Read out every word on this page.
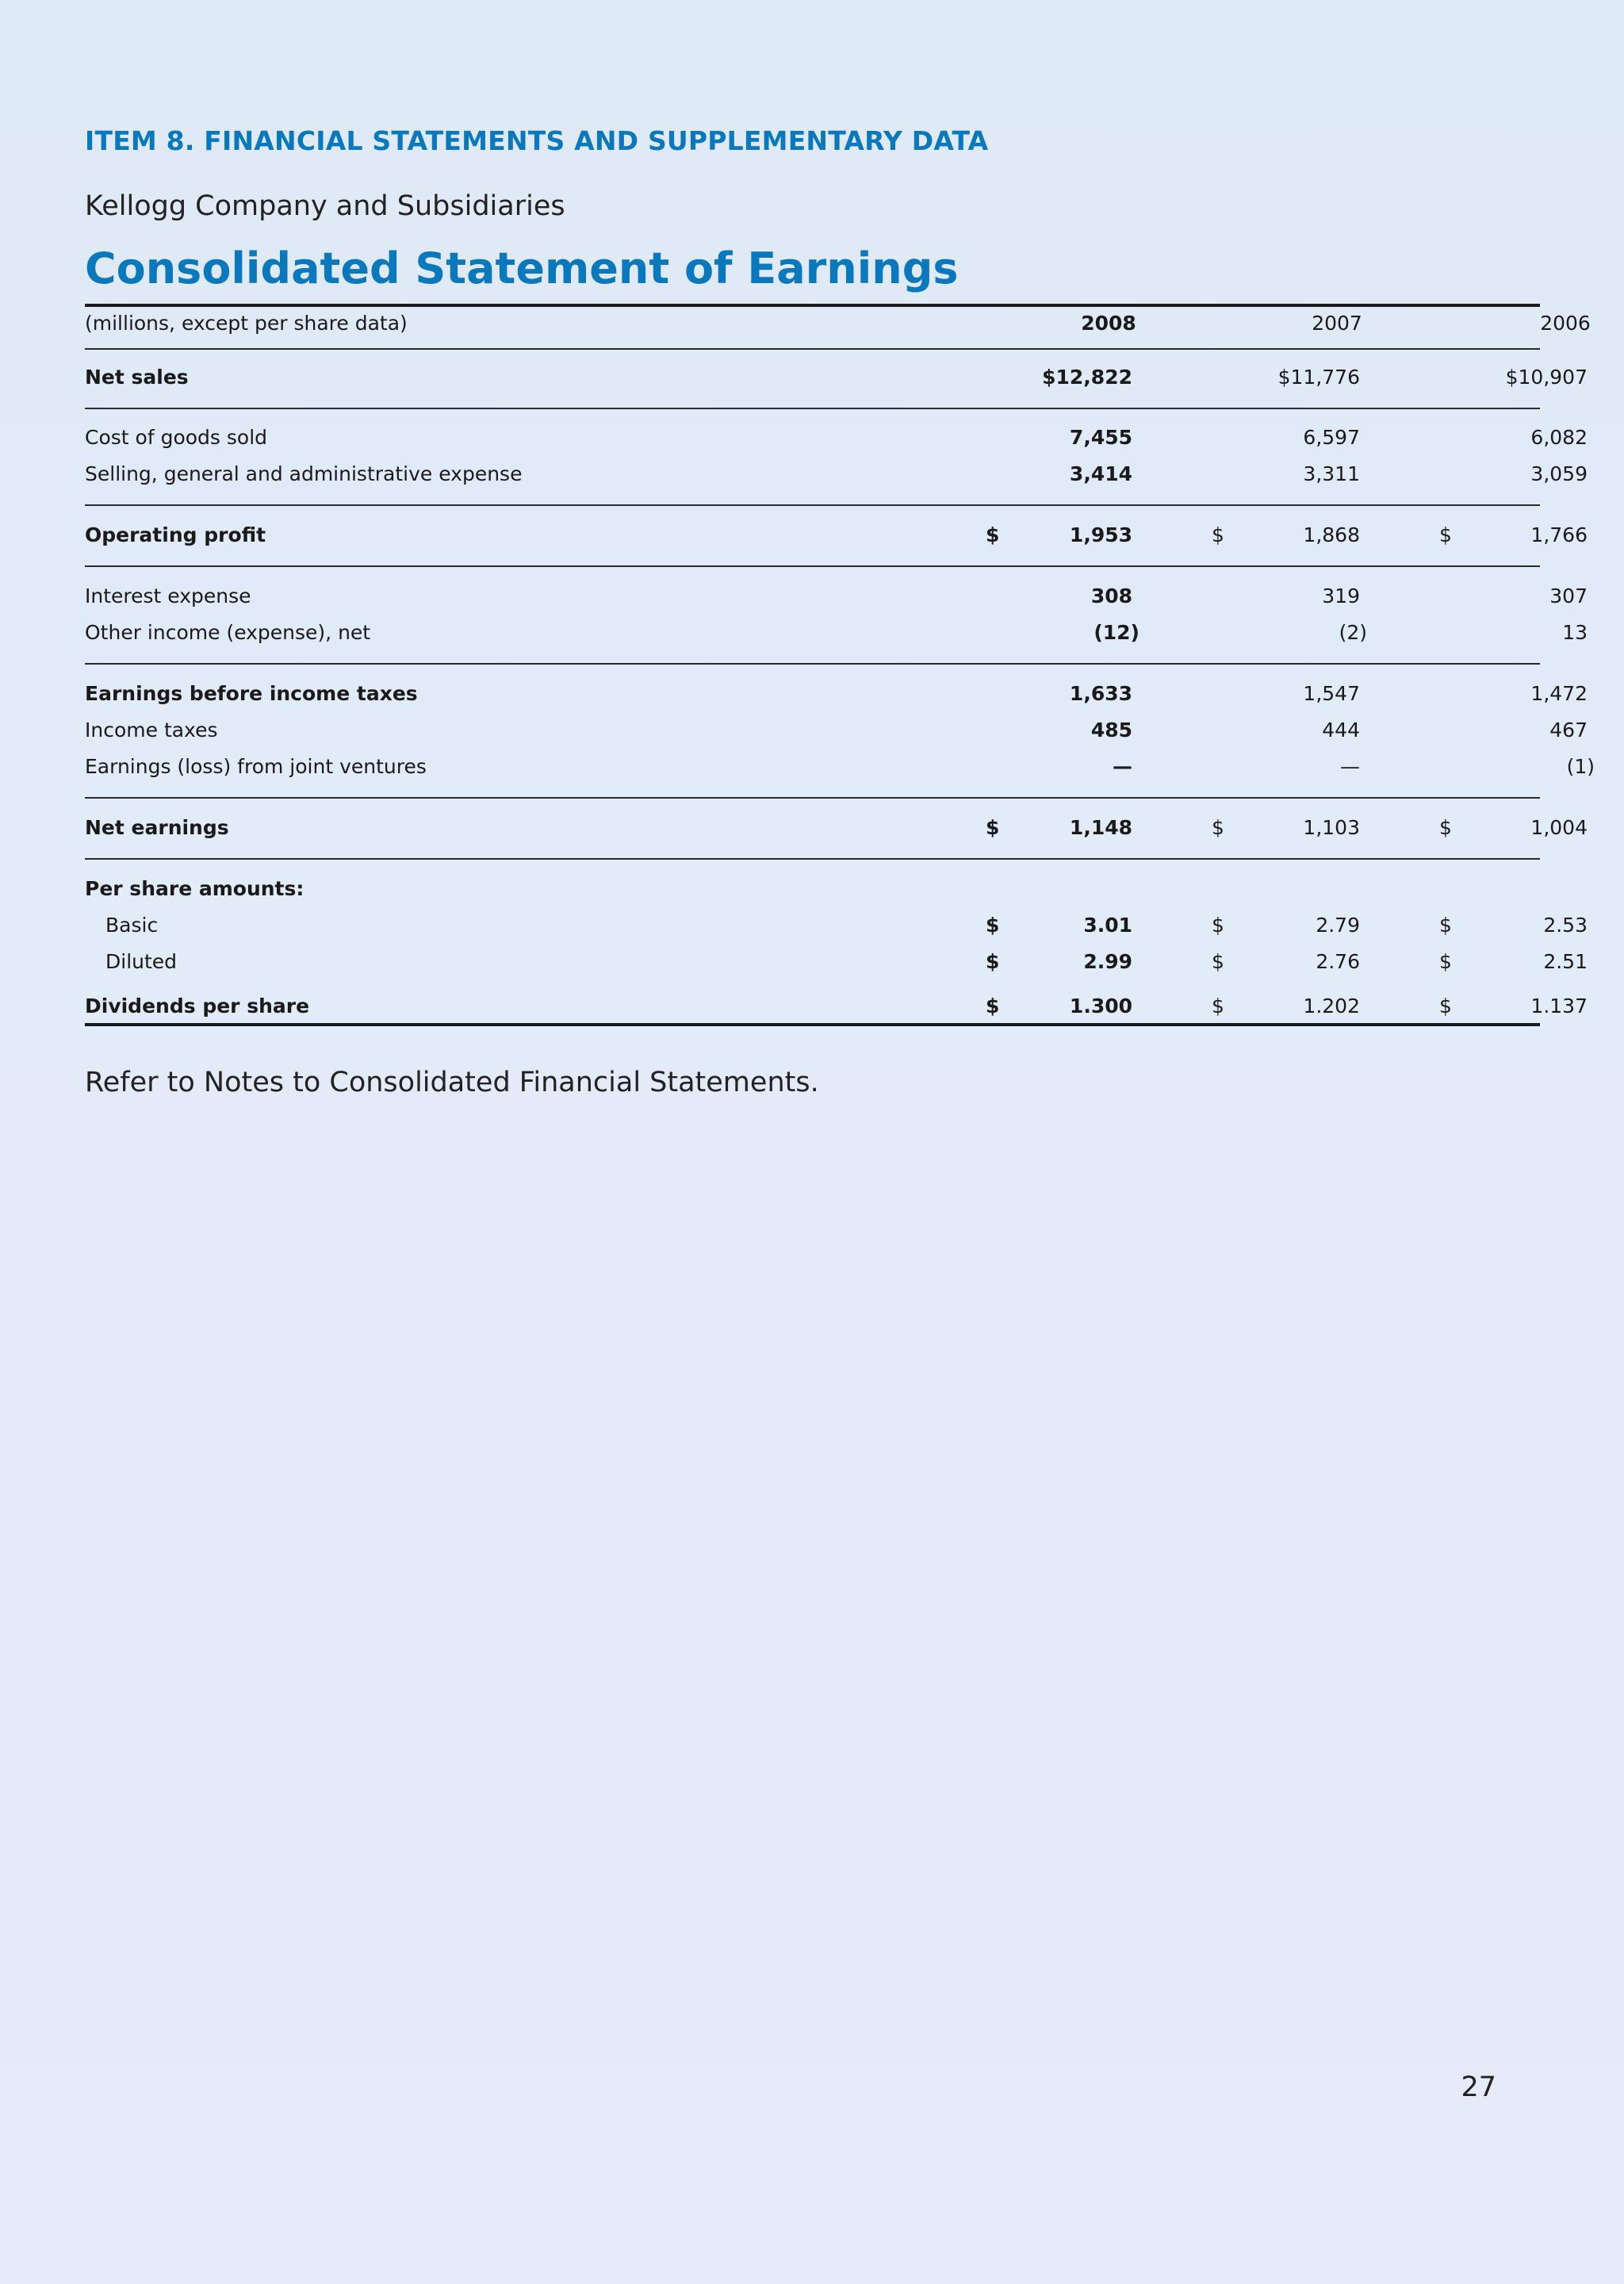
ITEM 8. FINANCIAL STATEMENTS AND SUPPLEMENTARY DATA
Kellogg Company and Subsidiaries
Consolidated Statement of Earnings
(millions, except per share data)	2008	2007	2006
Net sales	$12,822	$11,776	$10,907
Cost of goods sold	7,455	6,597	6,082
Selling, general and administrative expense	3,414	3,311	3,059
Operating profit	$	1,953	$	1,868	$	1,766
Interest expense	308	319	307
Other income (expense), net	(12)	(2)	13
Earnings before income taxes	1,633	1,547	1,472
Income taxes	485	444	467
Earnings (loss) from joint ventures	—	—	(1)
Net earnings	$	1,148	$	1,103	$	1,004
Per share amounts:
Basic	$	3.01	$	2.79	$	2.53
Diluted	$	2.99	$	2.76	$	2.51
Dividends per share	$	1.300	$	1.202	$	1.137
Refer to Notes to Consolidated Financial Statements.
27
